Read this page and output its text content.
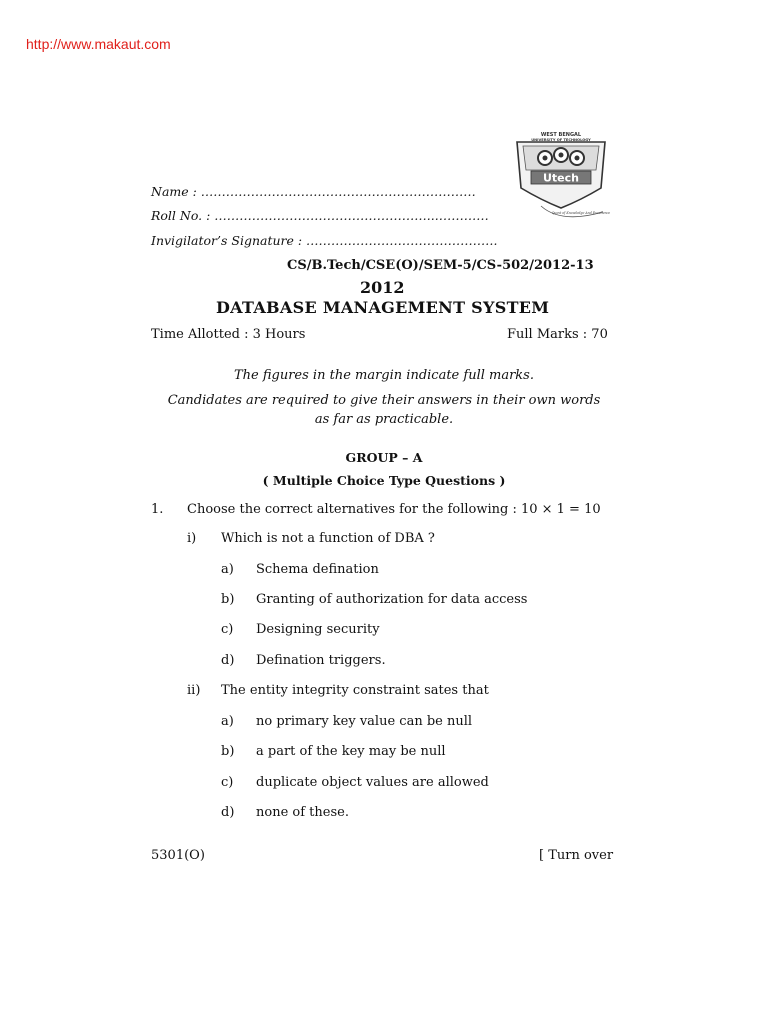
http://www.makaut.com
WEST BENGAL
UNIVERSITY OF TECHNOLOGY
Utech
Quest of Knowledge And Excellence
Name : …………………………………………………………
Roll No. : ……………………………………………...…………
Invigilator’s Signature : ……………………………………….
CS/B.Tech/CSE(O)/SEM-5/CS-502/2012-13
2012
DATABASE MANAGEMENT SYSTEM
Time Allotted : 3 Hours	Full Marks : 70
The figures in the margin indicate full marks.
Candidates are required to give their answers in their own words
as far as practicable.
GROUP – A
( Multiple Choice Type Questions )
1. Choose the correct alternatives for the following : 10 × 1 = 10
i) Which is not a function of DBA ?
a) Schema defination
b) Granting of authorization for data access
c) Designing security
d) Defination triggers.
ii) The entity integrity constraint sates that
a) no primary key value can be null
b) a part of the key may be null
c) duplicate object values are allowed
d) none of these.
5301(O)	[ Turn over
